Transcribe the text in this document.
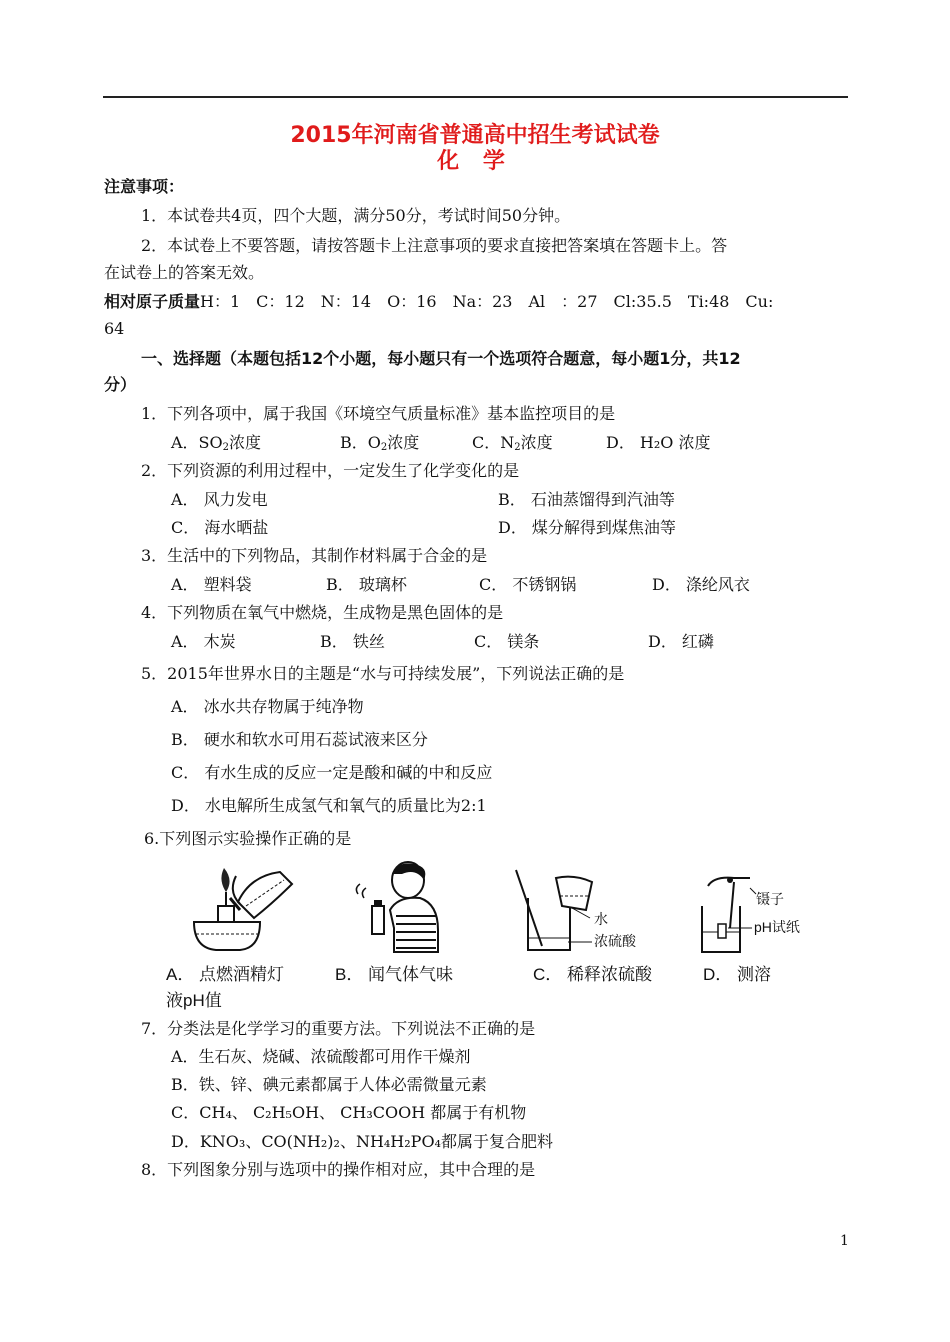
2015年河南省普通高中招生考试试卷
化 学
注意事项：
1．本试卷共4页，四个大题，满分50分，考试时间50分钟。
2．本试卷上不要答题，请按答题卡上注意事项的要求直接把答案填在答题卡上。答
在试卷上的答案无效。
相对原子质量H：1　C：12　N：14　O：16　Na：23　Al　：27　Cl:35.5　Ti:48　Cu:
64
一、选择题（本题包括12个小题，每小题只有一个选项符合题意，每小题1分，共12
分）
1．下列各项中，属于我国《环境空气质量标准》基本监控项目的是
A．$SO_2$浓度	B．$O_2$浓度	C．$N_2$浓度	D． H₂O 浓度
2．下列资源的利用过程中，一定发生了化学变化的是
A． 风力发电	B． 石油蒸馏得到汽油等
C． 海水晒盐	D． 煤分解得到煤焦油等
3．生活中的下列物品，其制作材料属于合金的是
A． 塑料袋	B． 玻璃杯	C． 不锈钢锅	D． 涤纶风衣
4．下列物质在氧气中燃烧，生成物是黑色固体的是
A． 木炭	B． 铁丝	C． 镁条	D． 红磷
5．2015年世界水日的主题是“水与可持续发展”，下列说法正确的是
A． 冰水共存物属于纯净物
B． 硬水和软水可用石蕊试液来区分
C． 有水生成的反应一定是酸和碱的中和反应
D． 水电解所生成氢气和氧气的质量比为2:1
6.下列图示实验操作正确的是
水
浓硫酸
镊子
pH试纸
A． 点燃酒精灯	B． 闻气体气味	C． 稀释浓硫酸	D． 测溶
液pH值
7．分类法是化学学习的重要方法。下列说法不正确的是
A．生石灰、烧碱、浓硫酸都可用作干燥剂
B．铁、锌、碘元素都属于人体必需微量元素
C．CH₄、 C₂H₅OH、 CH₃COOH 都属于有机物
D．KNO₃、CO(NH₂)₂、NH₄H₂PO₄都属于复合肥料
8．下列图象分别与选项中的操作相对应，其中合理的是
1
